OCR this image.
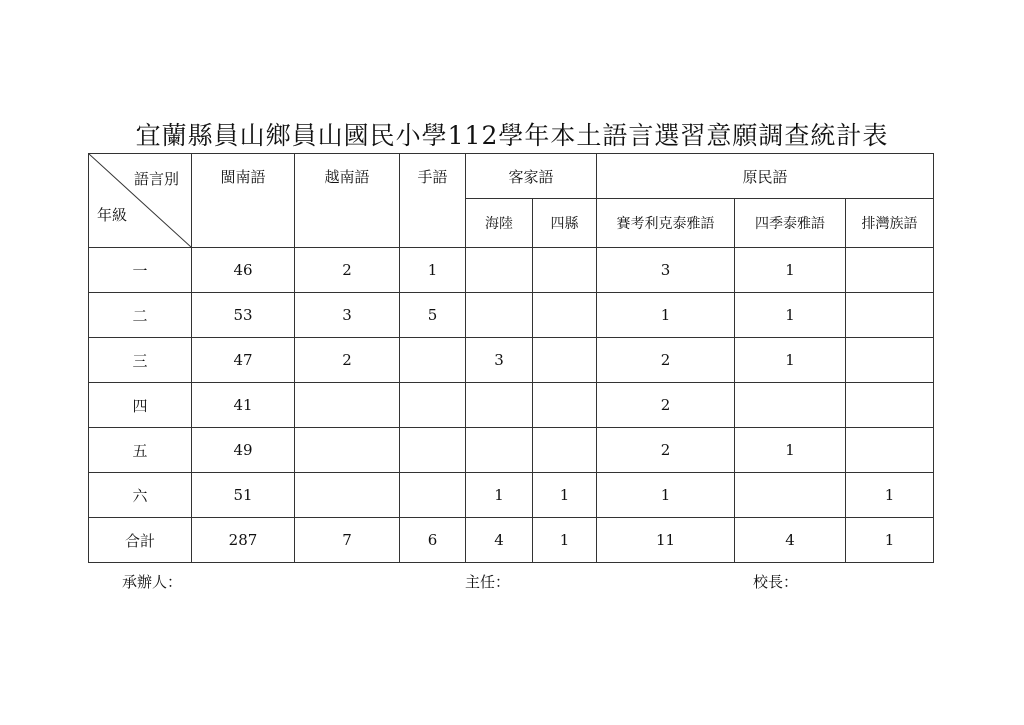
宜蘭縣員山鄉員山國民小學112學年本土語言選習意願調查統計表
語言別
年級	閩南語	越南語	手語	客家語		原民語		
				海陸	四縣	賽考利克泰雅語	四季泰雅語	排灣族語
一	46	2	1			3	1	
二	53	3	5			1	1	
三	47	2		3		2	1	
四	41					2		
五	49					2	1	
六	51			1	1	1		1
合計	287	7	6	4	1	11	4	1
承辦人：	主任：	校長：
